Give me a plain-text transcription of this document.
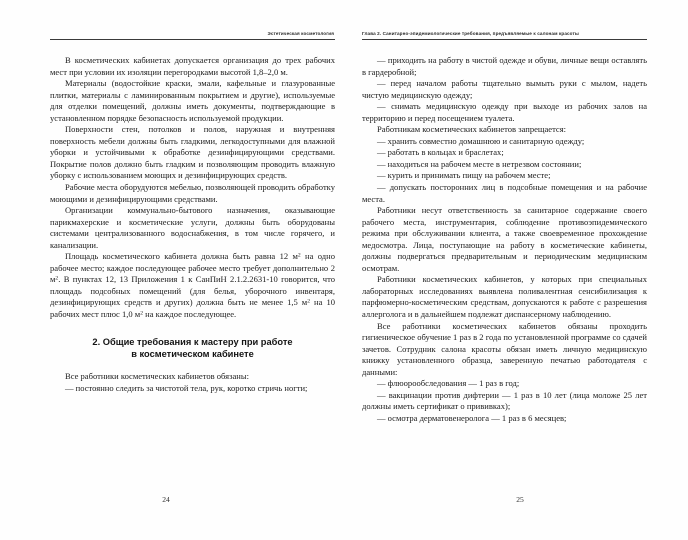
Эстетическая косметология

В косметических кабинетах допускается организация до трех рабочих мест при условии их изоляции перегородками высотой 1,8–2,0 м.

Материалы (водостойкие краски, эмали, кафельные и глазурованные плитки, материалы с ламинированным покрытием и другие), используемые для отделки помещений, должны иметь документы, подтверждающие в установленном порядке безопасность используемой продукции.

Поверхности стен, потолков и полов, наружная и внутренняя поверхность мебели должны быть гладкими, легкодоступными для влажной уборки и устойчивыми к обработке дезинфицирующими средствами. Покрытие полов должно быть гладким и позволяющим проводить влажную уборку с использованием моющих и дезинфицирующих средств.

Рабочие места оборудуются мебелью, позволяющей проводить обработку моющими и дезинфицирующими средствами.

Организации коммунально-бытового назначения, оказывающие парикмахерские и косметические услуги, должны быть оборудованы системами централизованного водоснабжения, в том числе горячего, и канализации.

Площадь косметического кабинета должна быть равна 12 $м^2$ на одно рабочее место; каждое последующее рабочее место требует дополнительно 2 $м^2$. В пунктах 12, 13 Приложения 1 к СанПиН 2.1.2.2631-10 говорится, что площадь подсобных помещений (для белья, уборочного инвентаря, дезинфицирующих средств и других) должна быть не менее 1,5 $м^2$ на 10 рабочих мест плюс 1,0 $м^2$ на каждое последующее.

2. Общие требования к мастеру при работе
в косметическом кабинете

Все работники косметических кабинетов обязаны:

— постоянно следить за чистотой тела, рук, коротко стричь ногти;

24
Глава 2. Санитарно-эпидемиологические требования, предъявляемые к салонам красоты

— приходить на работу в чистой одежде и обуви, личные вещи оставлять в гардеробной;

— перед началом работы тщательно вымыть руки с мылом, надеть чистую медицинскую одежду;

— снимать медицинскую одежду при выходе из рабочих залов на территорию и перед посещением туалета.

Работникам косметических кабинетов запрещается:

— хранить совместно домашнюю и санитарную одежду;

— работать в кольцах и браслетах;

— находиться на рабочем месте в нетрезвом состоянии;

— курить и принимать пищу на рабочем месте;

— допускать посторонних лиц в подсобные помещения и на рабочие места.

Работники несут ответственность за санитарное содержание своего рабочего места, инструментария, соблюдение противоэпидемического режима при обслуживании клиента, а также своевременное прохождение медосмотра. Лица, поступающие на работу в косметические кабинеты, должны подвергаться предварительным и периодическим медицинским осмотрам.

Работники косметических кабинетов, у которых при специальных лабораторных исследованиях выявлена поливалентная сенсибилизация к парфюмерно-косметическим средствам, допускаются к работе с разрешения аллерголога и в дальнейшем подлежат диспансерному наблюдению.

Все работники косметических кабинетов обязаны проходить гигиеническое обучение 1 раз в 2 года по установленной программе со сдачей зачетов. Сотрудник салона красоты обязан иметь личную медицинскую книжку установленного образца, заверенную печатью работодателя с данными:

— флюорообследования — 1 раз в год;

— вакцинации против дифтерии — 1 раз в 10 лет (лица моложе 25 лет должны иметь сертификат о прививках);

— осмотра дерматовенеролога — 1 раз в 6 месяцев;

25
